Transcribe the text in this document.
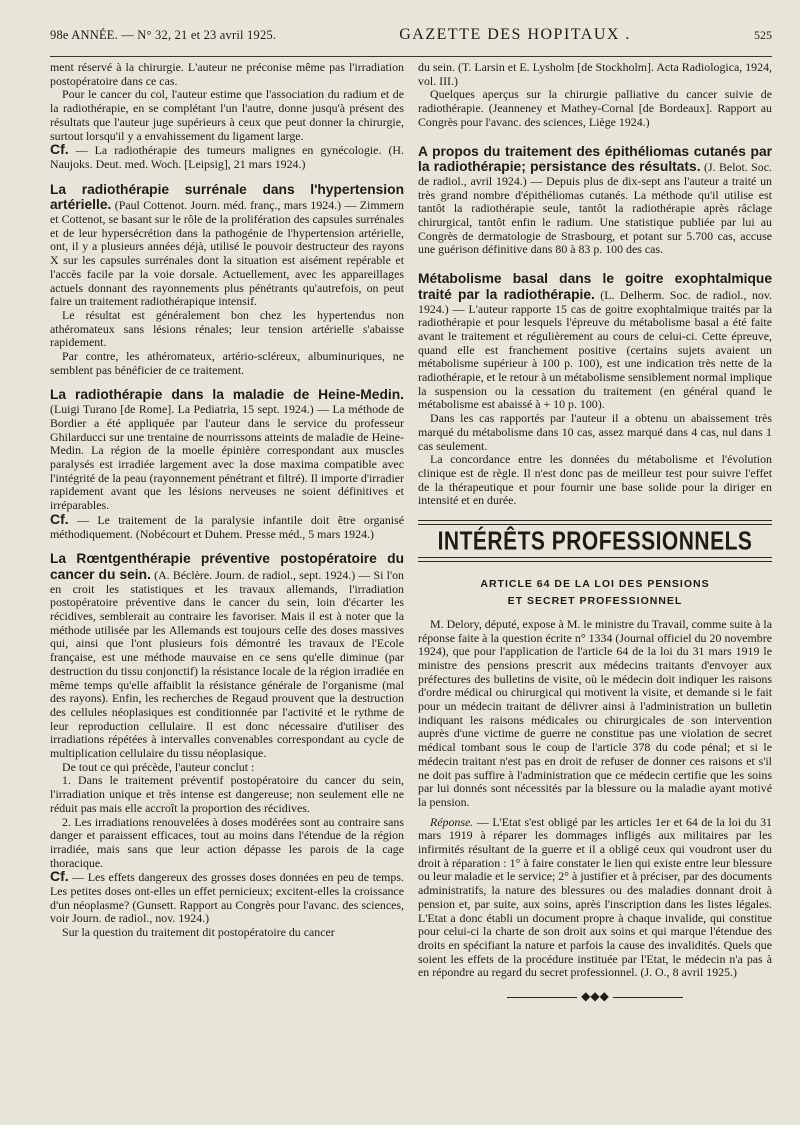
98e ANNÉE. — N° 32, 21 et 23 avril 1925.	GAZETTE DES HOPITAUX .	525

ment réservé à la chirurgie. L'auteur ne préconise même pas l'irradiation postopératoire dans ce cas.

Pour le cancer du col, l'auteur estime que l'association du radium et de la radiothérapie, en se complétant l'un l'autre, donne jusqu'à présent des résultats que l'auteur juge supérieurs à ceux que peut donner la chirurgie, surtout lorsqu'il y a envahissement du ligament large.

Cf. — La radiothérapie des tumeurs malignes en gynécologie. (H. Naujoks. Deut. med. Woch. [Leipsig], 21 mars 1924.)

La radiothérapie surrénale dans l'hypertension artérielle. (Paul Cottenot. Journ. méd. franç., mars 1924.) — Zimmern et Cottenot, se basant sur le rôle de la prolifération des capsules surrénales et de leur hypersécrétion dans la pathogénie de l'hypertension artérielle, ont, il y a plusieurs années déjà, utilisé le pouvoir destructeur des rayons X sur les capsules surrénales dont la situation est aisément repérable et l'accès facile par la voie dorsale. Actuellement, avec les appareillages actuels donnant des rayonnements plus pénétrants qu'autrefois, on peut faire un traitement radiothérapique intensif.

Le résultat est généralement bon chez les hypertendus non athéromateux sans lésions rénales; leur tension artérielle s'abaisse rapidement.

Par contre, les athéromateux, artério-scléreux, albuminuriques, ne semblent pas bénéficier de ce traitement.

La radiothérapie dans la maladie de Heine-Medin. (Luigi Turano [de Rome]. La Pediatria, 15 sept. 1924.) — La méthode de Bordier a été appliquée par l'auteur dans le service du professeur Ghilarducci sur une trentaine de nourrissons atteints de maladie de Heine-Medin. La région de la moelle épinière correspondant aux muscles paralysés est irradiée largement avec la dose maxima compatible avec l'intégrité de la peau (rayonnement pénétrant et filtré). Il importe d'irradier rapidement avant que les lésions nerveuses ne soient définitives et irréparables.

Cf. — Le traitement de la paralysie infantile doit être organisé méthodiquement. (Nobécourt et Duhem. Presse méd., 5 mars 1924.)

La Rœntgenthérapie préventive postopératoire du cancer du sein. (A. Béclère. Journ. de radiol., sept. 1924.) — Si l'on en croit les statistiques et les travaux allemands, l'irradiation postopératoire préventive dans le cancer du sein, loin d'écarter les récidives, semblerait au contraire les favoriser. Mais il est à noter que la méthode utilisée par les Allemands est toujours celle des doses massives qui, ainsi que l'ont plusieurs fois démontré les travaux de l'Ecole française, est une méthode mauvaise en ce sens qu'elle diminue (par destruction du tissu conjonctif) la résistance locale de la région irradiée en même temps qu'elle affaiblit la résistance générale de l'organisme (mal des rayons). Enfin, les recherches de Regaud prouvent que la destruction des cellules néoplasiques est conditionnée par l'activité et le rythme de leur reproduction cellulaire. Il est donc nécessaire d'utiliser des irradiations répétées à intervalles convenables correspondant au cycle de multiplication cellulaire du tissu néoplasique.

De tout ce qui précède, l'auteur conclut :

1. Dans le traitement préventif postopératoire du cancer du sein, l'irradiation unique et très intense est dangereuse; non seulement elle ne réduit pas mais elle accroît la proportion des récidives.

2. Les irradiations renouvelées à doses modérées sont au contraire sans danger et paraissent efficaces, tout au moins dans l'étendue de la région irradiée, mais sans que leur action dépasse les parois de la cage thoracique.

Cf. — Les effets dangereux des grosses doses données en peu de temps. Les petites doses ont-elles un effet pernicieux; excitent-elles la croissance d'un néoplasme? (Gunsett. Rapport au Congrès pour l'avanc. des sciences, voir Journ. de radiol., nov. 1924.)

Sur la question du traitement dit postopératoire du cancer

du sein. (T. Larsin et E. Lysholm [de Stockholm]. Acta Radiologica, 1924, vol. III.)

Quelques aperçus sur la chirurgie palliative du cancer suivie de radiothérapie. (Jeanneney et Mathey-Cornal [de Bordeaux]. Rapport au Congrès pour l'avanc. des sciences, Liège 1924.)

A propos du traitement des épithéliomas cutanés par la radiothérapie; persistance des résultats. (J. Belot. Soc. de radiol., avril 1924.) — Depuis plus de dix-sept ans l'auteur a traité un très grand nombre d'épithéliomas cutanés. La méthode qu'il utilise est tantôt la radiothérapie seule, tantôt la radiothérapie après râclage chirurgical, tantôt enfin le radium. Une statistique publiée par lui au Congrès de dermatologie de Strasbourg, et potant sur 5.700 cas, accuse une guérison définitive dans 80 à 83 p. 100 des cas.

Métabolisme basal dans le goitre exophtalmique traité par la radiothérapie. (L. Delherm. Soc. de radiol., nov. 1924.) — L'auteur rapporte 15 cas de goitre exophtalmique traités par la radiothérapie et pour lesquels l'épreuve du métabolisme basal a été faite avant le traitement et régulièrement au cours de celui-ci. Cette épreuve, quand elle est franchement positive (certains sujets avaient un métabolisme supérieur à 100 p. 100), est une indication très nette de la radiothérapie, et le retour à un métabolisme sensiblement normal implique la suspension ou la cessation du traitement (en général quand le métabolisme est abaissé à + 10 p. 100).

Dans les cas rapportés par l'auteur il a obtenu un abaissement très marqué du métabolisme dans 10 cas, assez marqué dans 4 cas, nul dans 1 cas seulement.

La concordance entre les données du métabolisme et l'évolution clinique est de règle. Il n'est donc pas de meilleur test pour suivre l'effet de la thérapeutique et pour fournir une base solide pour la diriger en intensité et en durée.

INTÉRÊTS PROFESSIONNELS
ARTICLE 64 DE LA LOI DES PENSIONS
ET SECRET PROFESSIONNEL

M. Delory, député, expose à M. le ministre du Travail, comme suite à la réponse faite à la question écrite n° 1334 (Journal officiel du 20 novembre 1924), que pour l'application de l'article 64 de la loi du 31 mars 1919 le ministre des pensions prescrit aux médecins traitants d'envoyer aux préfectures des bulletins de visite, où le médecin doit indiquer les raisons d'ordre médical ou chirurgical qui motivent la visite, et demande si le fait pour un médecin traitant de délivrer ainsi à l'administration un bulletin indiquant les raisons médicales ou chirurgicales de son intervention auprès d'une victime de guerre ne constitue pas une violation de secret médical tombant sous le coup de l'article 378 du code pénal; et si le médecin traitant n'est pas en droit de refuser de donner ces raisons et s'il ne doit pas suffire à l'administration que ce médecin certifie que les soins par lui donnés sont nécessités par la blessure ou la maladie ayant motivé la pension.

Réponse. — L'Etat s'est obligé par les articles 1er et 64 de la loi du 31 mars 1919 à réparer les dommages infligés aux militaires par les infirmités résultant de la guerre et il a obligé ceux qui voudront user du droit à réparation : 1° à faire constater le lien qui existe entre leur blessure ou leur maladie et le service; 2° à justifier et à préciser, par des documents administratifs, la nature des blessures ou des maladies donnant droit à pension et, par suite, aux soins, après l'inscription dans les listes légales. L'Etat a donc établi un document propre à chaque invalide, qui constitue pour celui-ci la charte de son droit aux soins et qui marque l'étendue des droits en spécifiant la nature et parfois la cause des invalidités. Quels que soient les effets de la procédure instituée par l'Etat, le médecin n'a pas à en répondre au regard du secret professionnel. (J. O., 8 avril 1925.)

◆◆◆
